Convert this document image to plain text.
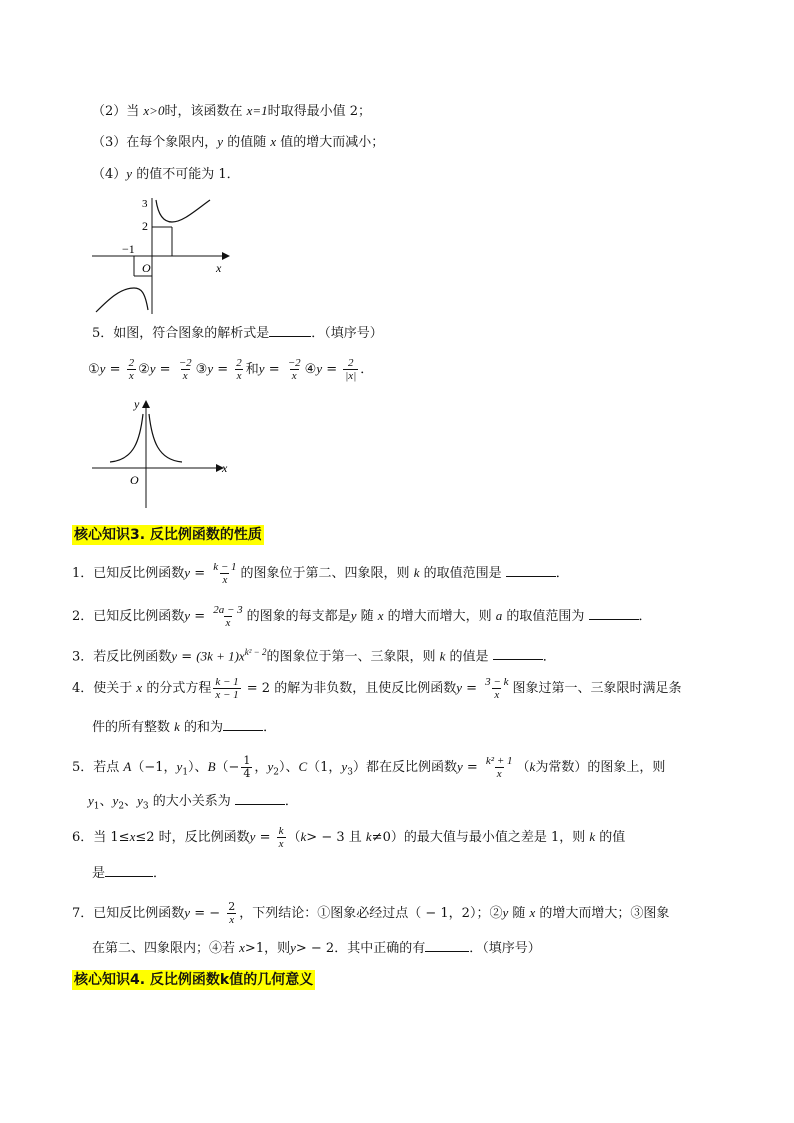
（2）当 x>0时，该函数在 x=1时取得最小值 2；
（3）在每个象限内，y 的值随 x 值的增大而减小；
（4）y 的值不可能为 1．
3
2
−1
O	x
5．如图，符合图象的解析式是	．（填序号）
①y = $\frac{2}{x}$ ②y = $\frac{-2}{x}$ ③y = $\frac{2}{x}$ 和$y = \frac{-2}{x}$ ④y = $\frac{2}{|x|}$ ．
y
x
O
核心知识3. 反比例函数的性质
1．已知反比例函数$y = \frac{k - 1}{x}$ 的图象位于第二、四象限，则 k 的取值范围是	．
2．已知反比例函数$y = \frac{2a - 3}{x}$ 的图象的每支都是y 随 x 的增大而增大，则 a 的取值范围为	．
3．若反比例函数$y = (3k + 1)x^{k^2 - 2}$的图象位于第一、三象限，则 k 的值是	．
4．使关于 x 的分式方程 $\frac{k - 1}{x - 1} = 2$ 的解为非负数，且使反比例函数$y = \frac{3 - k}{x}$ 图象过第一、三象限时满足条
件的所有整数 k 的和为	．
5．若点 A（−1，$y_1$）、$B(- \frac{1}{4}$ ，$y_2$）、C（1，$y_3$）都在反比例函数$y = \frac{\text{k² + 1}}{x} (k$为常数）的图象上，则
$y_1$、$y_2$、$y_3$ 的大小关系为	．
6．当 1≤x≤2 时，反比例函数$y = \frac{k}{x} (k> - 3$ 且 k≠0）的最大值与最小值之差是 1，则 k 的值
是	．
7．已知反比例函数y = − $\frac{2}{x}$ ，下列结论：①图象必经过点（ − 1，2）；②y 随 x 的增大而增大；③图象
在第二、四象限内；④若 x>1，则y> − 2．其中正确的有	．（填序号）
核心知识4. 反比例函数k值的几何意义
